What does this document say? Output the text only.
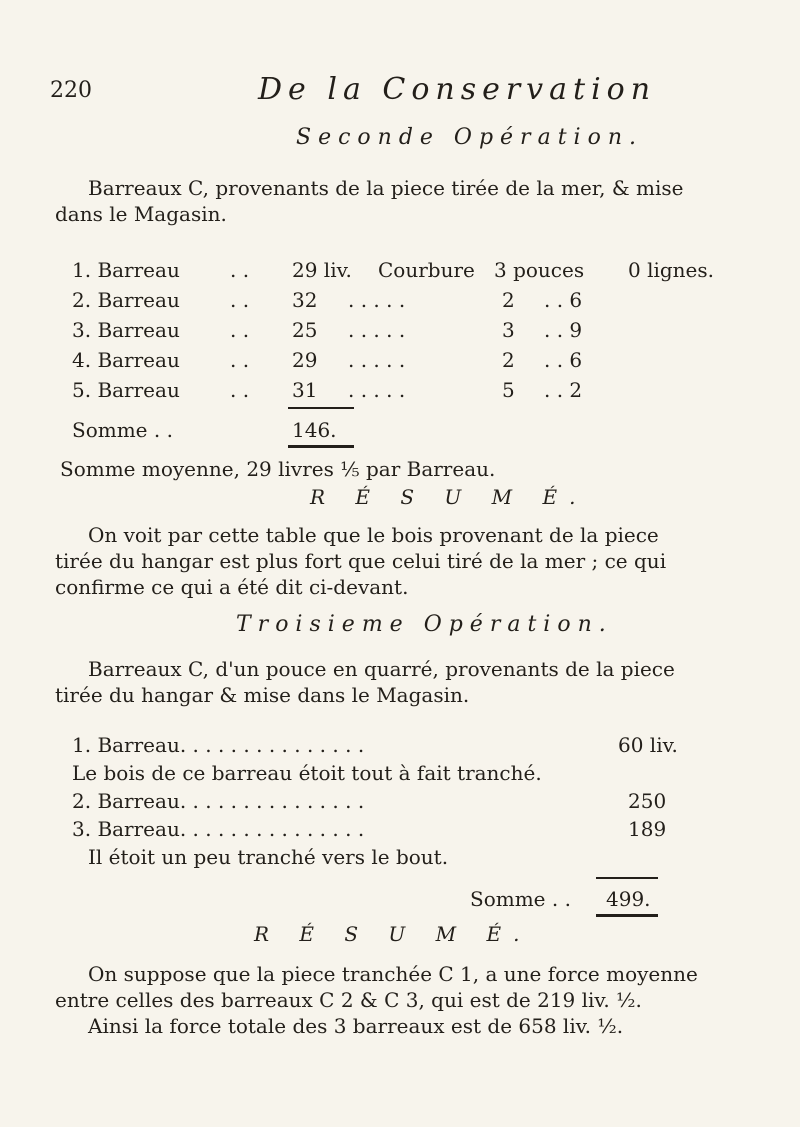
220	De la Conservation
Seconde Opération.
Barreaux C, provenants de la piece tirée de la mer, & mise
dans le Magasin.
1. Barreau	. . 29 liv. Courbure 3 pouces 0 lignes.
2. Barreau	. . 32 . . . . .	2 . . 6
3. Barreau	. . 25 . . . . .	3 . . 9
4. Barreau	. . 29 . . . . .	2 . . 6
5. Barreau	. . 31 . . . . .	5 . . 2
Somme . .	146.
Somme moyenne, 29 livres ⅕ par Barreau.
R É S U M É.
On voit par cette table que le bois provenant de la piece
tirée du hangar est plus fort que celui tiré de la mer ; ce qui
confirme ce qui a été dit ci-devant.
Troisieme Opération.
Barreaux C, d'un pouce en quarré, provenants de la piece
tirée du hangar & mise dans le Magasin.
1. Barreau. . . . . . . . . . . . . . .	60 liv.
Le bois de ce barreau étoit tout à fait tranché.
2. Barreau. . . . . . . . . . . . . . .	250
3. Barreau. . . . . . . . . . . . . . .	189
Il étoit un peu tranché vers le bout.
Somme . . 499.
R É S U M É.
On suppose que la piece tranchée C 1, a une force moyenne
entre celles des barreaux C 2 & C 3, qui est de 219 liv. ½.
Ainsi la force totale des 3 barreaux est de 658 liv. ½.
